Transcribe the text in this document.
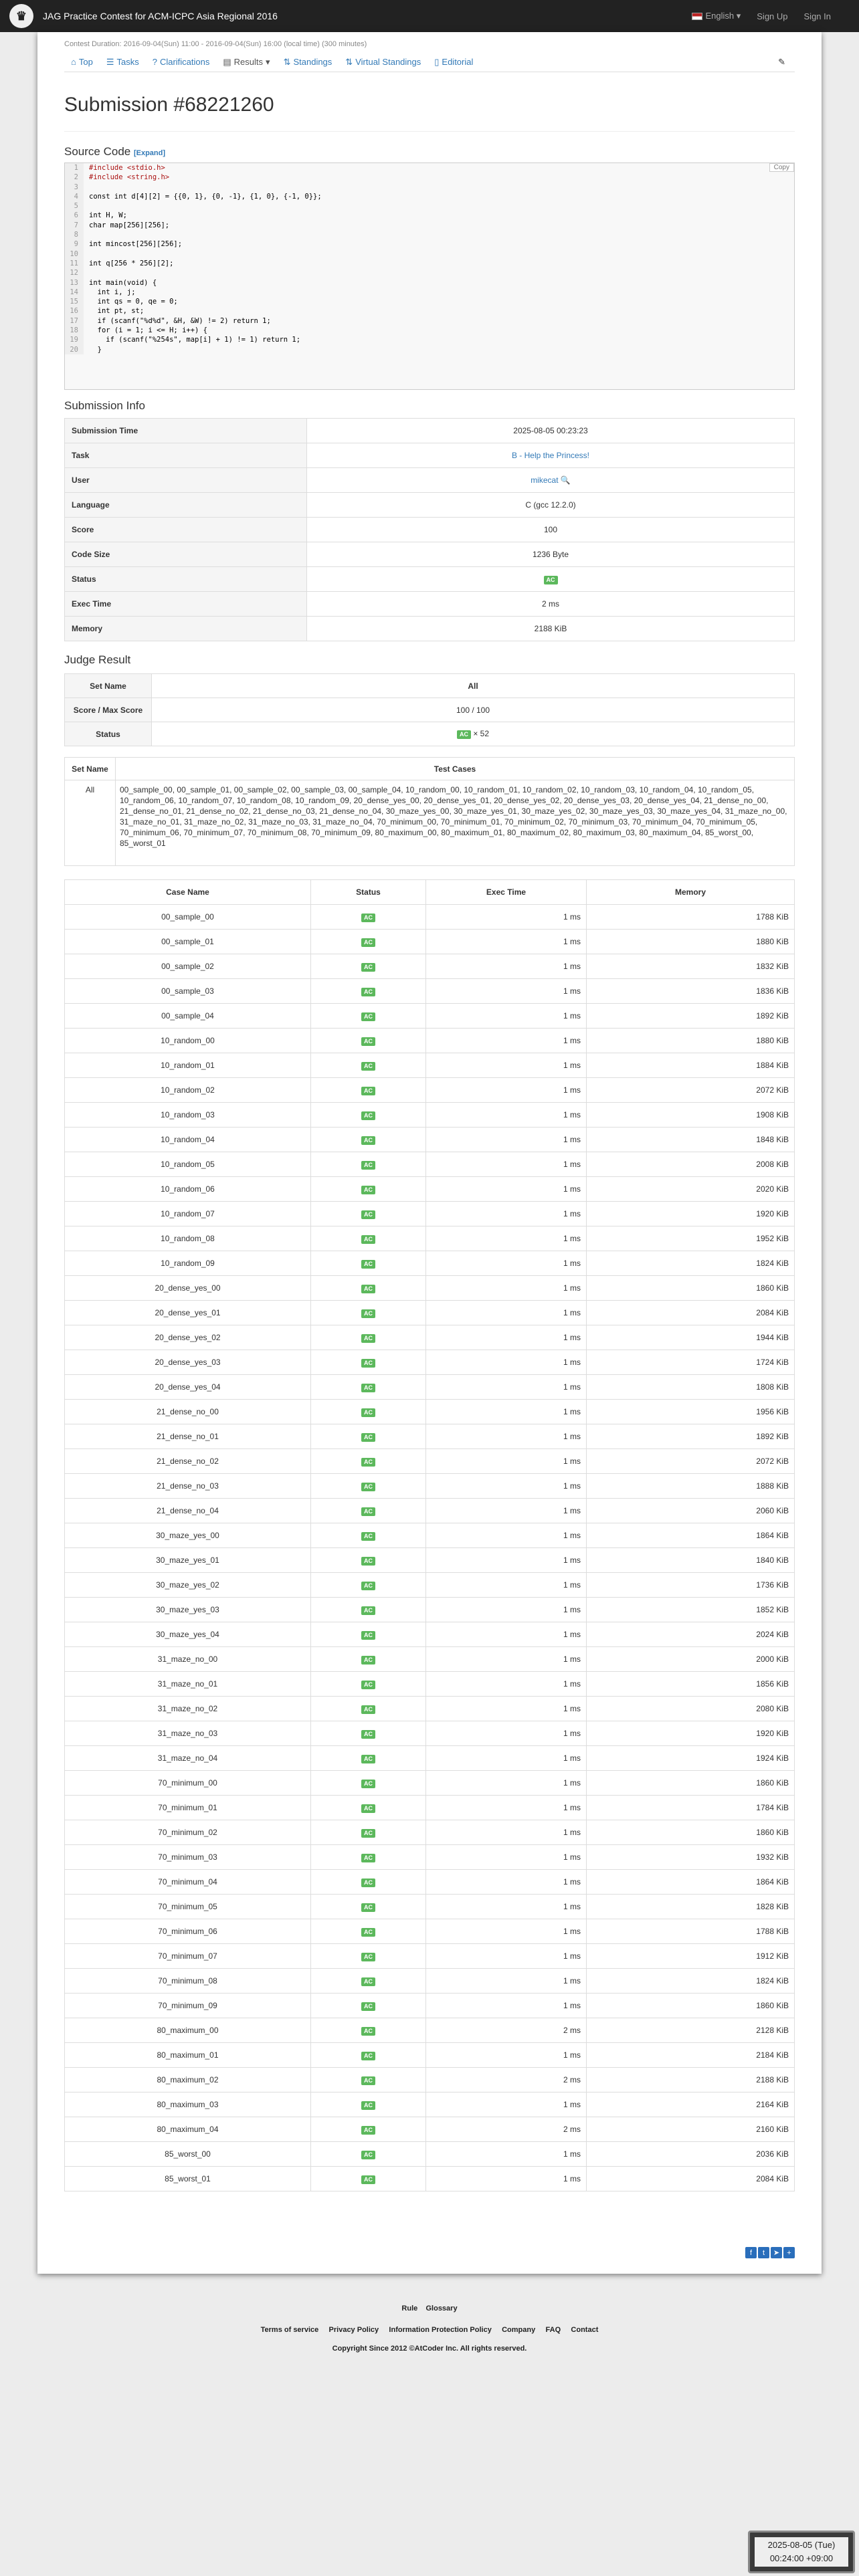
♛	JAG Practice Contest for ACM-ICPC Asia Regional 2016	English ▾ Sign Up Sign In
Contest Duration: 2016-09-04(Sun) 11:00 - 2016-09-04(Sun) 16:00 (local time) (300 minutes)
⌂ Top ☰ Tasks ? Clarifications ▤ Results ▾	⇅ Standings ⇅ Virtual Standings ▯ Editorial	✎
Submission #68221260
Source Code [Expand]
Copy
1	#include <stdio.h>
2	#include <string.h>
3
4	const int d[4][2] = {{0, 1}, {0, -1}, {1, 0}, {-1, 0}};
5
6	int H, W;
7	char map[256][256];
8
9	int mincost[256][256];
10
11	int q[256 * 256][2];
12
13	int main(void) {
14	int i, j;
15	int qs = 0, qe = 0;
16	int pt, st;
17	if (scanf("%d%d", &H, &W) != 2) return 1;
18	for (i = 1; i <= H; i++) {
19	if (scanf("%254s", map[i] + 1) != 1) return 1;
20	}
Submission Info
Submission Time	2025-08-05 00:23:23
Task	B - Help the Princess!
User	mikecat 🔍
Language	C (gcc 12.2.0)
Score	100
Code Size	1236 Byte
Status	AC
Exec Time	2 ms
Memory	2188 KiB
Judge Result
Set Name	All
Score / Max Score	100 / 100
Status	AC × 52
Set Name	Test Cases
All	00_sample_00, 00_sample_01, 00_sample_02, 00_sample_03, 00_sample_04, 10_random_00, 10_random_01, 10_random_02, 10_random_03, 10_random_04, 10_random_05, 10_random_06, 10_random_07, 10_random_08, 10_random_09, 20_dense_yes_00, 20_dense_yes_01, 20_dense_yes_02, 20_dense_yes_03, 20_dense_yes_04, 21_dense_no_00, 21_dense_no_01, 21_dense_no_02, 21_dense_no_03, 21_dense_no_04, 30_maze_yes_00, 30_maze_yes_01, 30_maze_yes_02, 30_maze_yes_03, 30_maze_yes_04, 31_maze_no_00, 31_maze_no_01, 31_maze_no_02, 31_maze_no_03, 31_maze_no_04, 70_minimum_00, 70_minimum_01, 70_minimum_02, 70_minimum_03, 70_minimum_04, 70_minimum_05, 70_minimum_06, 70_minimum_07, 70_minimum_08, 70_minimum_09, 80_maximum_00, 80_maximum_01, 80_maximum_02, 80_maximum_03, 80_maximum_04, 85_worst_00, 85_worst_01
Case Name	Status	Exec Time	Memory
00_sample_00	AC	1 ms	1788 KiB
00_sample_01	AC	1 ms	1880 KiB
00_sample_02	AC	1 ms	1832 KiB
00_sample_03	AC	1 ms	1836 KiB
00_sample_04	AC	1 ms	1892 KiB
10_random_00	AC	1 ms	1880 KiB
10_random_01	AC	1 ms	1884 KiB
10_random_02	AC	1 ms	2072 KiB
10_random_03	AC	1 ms	1908 KiB
10_random_04	AC	1 ms	1848 KiB
10_random_05	AC	1 ms	2008 KiB
10_random_06	AC	1 ms	2020 KiB
10_random_07	AC	1 ms	1920 KiB
10_random_08	AC	1 ms	1952 KiB
10_random_09	AC	1 ms	1824 KiB
20_dense_yes_00	AC	1 ms	1860 KiB
20_dense_yes_01	AC	1 ms	2084 KiB
20_dense_yes_02	AC	1 ms	1944 KiB
20_dense_yes_03	AC	1 ms	1724 KiB
20_dense_yes_04	AC	1 ms	1808 KiB
21_dense_no_00	AC	1 ms	1956 KiB
21_dense_no_01	AC	1 ms	1892 KiB
21_dense_no_02	AC	1 ms	2072 KiB
21_dense_no_03	AC	1 ms	1888 KiB
21_dense_no_04	AC	1 ms	2060 KiB
30_maze_yes_00	AC	1 ms	1864 KiB
30_maze_yes_01	AC	1 ms	1840 KiB
30_maze_yes_02	AC	1 ms	1736 KiB
30_maze_yes_03	AC	1 ms	1852 KiB
30_maze_yes_04	AC	1 ms	2024 KiB
31_maze_no_00	AC	1 ms	2000 KiB
31_maze_no_01	AC	1 ms	1856 KiB
31_maze_no_02	AC	1 ms	2080 KiB
31_maze_no_03	AC	1 ms	1920 KiB
31_maze_no_04	AC	1 ms	1924 KiB
70_minimum_00	AC	1 ms	1860 KiB
70_minimum_01	AC	1 ms	1784 KiB
70_minimum_02	AC	1 ms	1860 KiB
70_minimum_03	AC	1 ms	1932 KiB
70_minimum_04	AC	1 ms	1864 KiB
70_minimum_05	AC	1 ms	1828 KiB
70_minimum_06	AC	1 ms	1788 KiB
70_minimum_07	AC	1 ms	1912 KiB
70_minimum_08	AC	1 ms	1824 KiB
70_minimum_09	AC	1 ms	1860 KiB
80_maximum_00	AC	2 ms	2128 KiB
80_maximum_01	AC	1 ms	2184 KiB
80_maximum_02	AC	2 ms	2188 KiB
80_maximum_03	AC	1 ms	2164 KiB
80_maximum_04	AC	2 ms	2160 KiB
85_worst_00	AC	1 ms	2036 KiB
85_worst_01	AC	1 ms	2084 KiB
f	t	➤	+
Rule Glossary
Terms of service Privacy Policy Information Protection Policy Company FAQ Contact
Copyright Since 2012 ©AtCoder Inc. All rights reserved.
2025-08-05 (Tue)
00:24:00 +09:00
